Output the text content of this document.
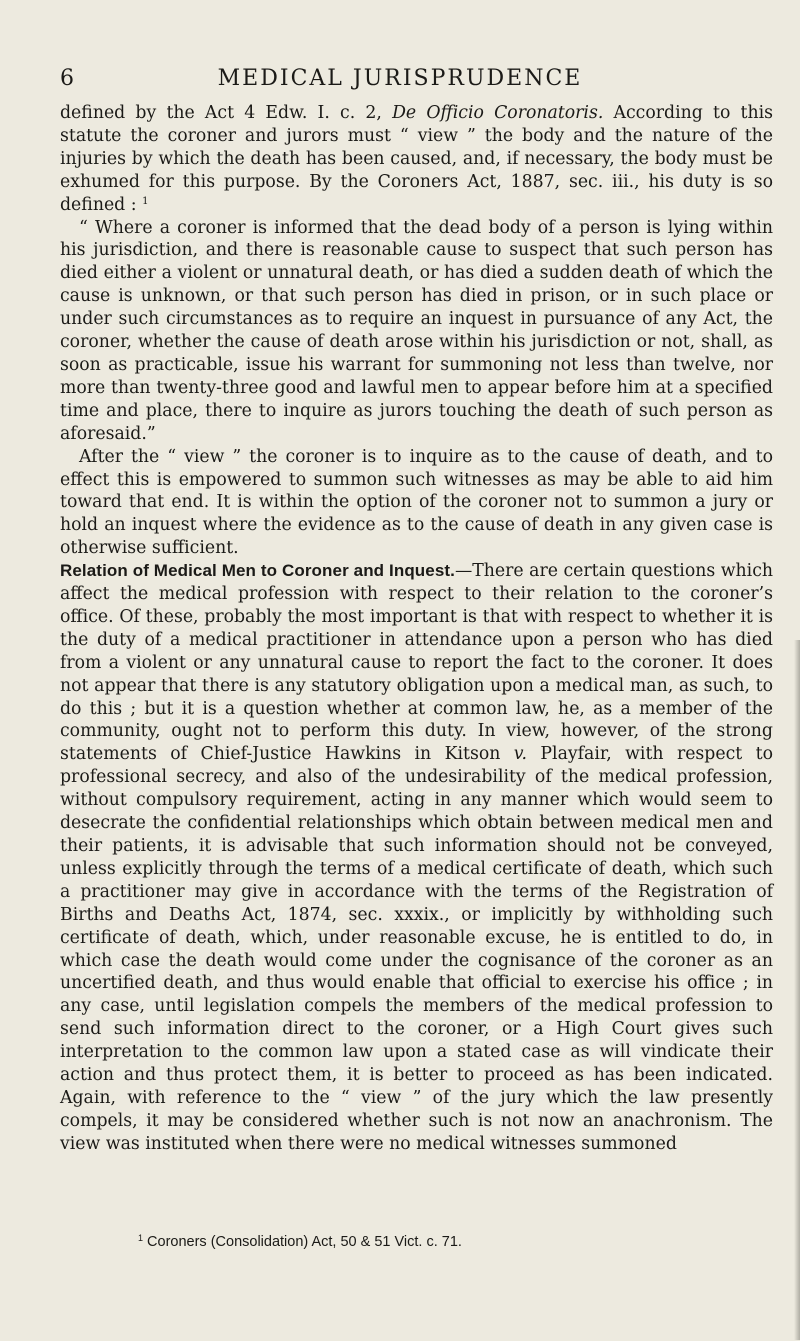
6	MEDICAL JURISPRUDENCE

defined by the Act 4 Edw. I. c. 2, De Officio Coronatoris. According to this statute the coroner and jurors must “ view ” the body and the nature of the injuries by which the death has been caused, and, if necessary, the body must be exhumed for this purpose. By the Coroners Act, 1887, sec. iii., his duty is so defined : $^1$

“ Where a coroner is informed that the dead body of a person is lying within his jurisdiction, and there is reasonable cause to suspect that such person has died either a violent or unnatural death, or has died a sudden death of which the cause is unknown, or that such person has died in prison, or in such place or under such circumstances as to require an inquest in pursuance of any Act, the coroner, whether the cause of death arose within his jurisdiction or not, shall, as soon as practicable, issue his warrant for summoning not less than twelve, nor more than twenty-three good and lawful men to appear before him at a specified time and place, there to inquire as jurors touching the death of such person as aforesaid.”

After the “ view ” the coroner is to inquire as to the cause of death, and to effect this is empowered to summon such witnesses as may be able to aid him toward that end. It is within the option of the coroner not to summon a jury or hold an inquest where the evidence as to the cause of death in any given case is otherwise sufficient.

Relation of Medical Men to Coroner and Inquest.—There are certain questions which affect the medical profession with respect to their relation to the coroner’s office. Of these, probably the most important is that with respect to whether it is the duty of a medical practitioner in attendance upon a person who has died from a violent or any unnatural cause to report the fact to the coroner. It does not appear that there is any statutory obligation upon a medical man, as such, to do this ; but it is a question whether at common law, he, as a member of the community, ought not to perform this duty. In view, however, of the strong statements of Chief-Justice Hawkins in Kitson v. Playfair, with respect to professional secrecy, and also of the undesirability of the medical profession, without compulsory requirement, acting in any manner which would seem to desecrate the confidential relationships which obtain between medical men and their patients, it is advisable that such information should not be conveyed, unless explicitly through the terms of a medical certificate of death, which such a practitioner may give in accordance with the terms of the Registration of Births and Deaths Act, 1874, sec. xxxix., or implicitly by withholding such certificate of death, which, under reasonable excuse, he is entitled to do, in which case the death would come under the cognisance of the coroner as an uncertified death, and thus would enable that official to exercise his office ; in any case, until legislation compels the members of the medical profession to send such information direct to the coroner, or a High Court gives such interpretation to the common law upon a stated case as will vindicate their action and thus protect them, it is better to proceed as has been indicated. Again, with reference to the “ view ” of the jury which the law presently compels, it may be considered whether such is not now an anachronism. The view was instituted when there were no medical witnesses summoned

$^1$ Coroners (Consolidation) Act, 50 & 51 Vict. c. 71.
